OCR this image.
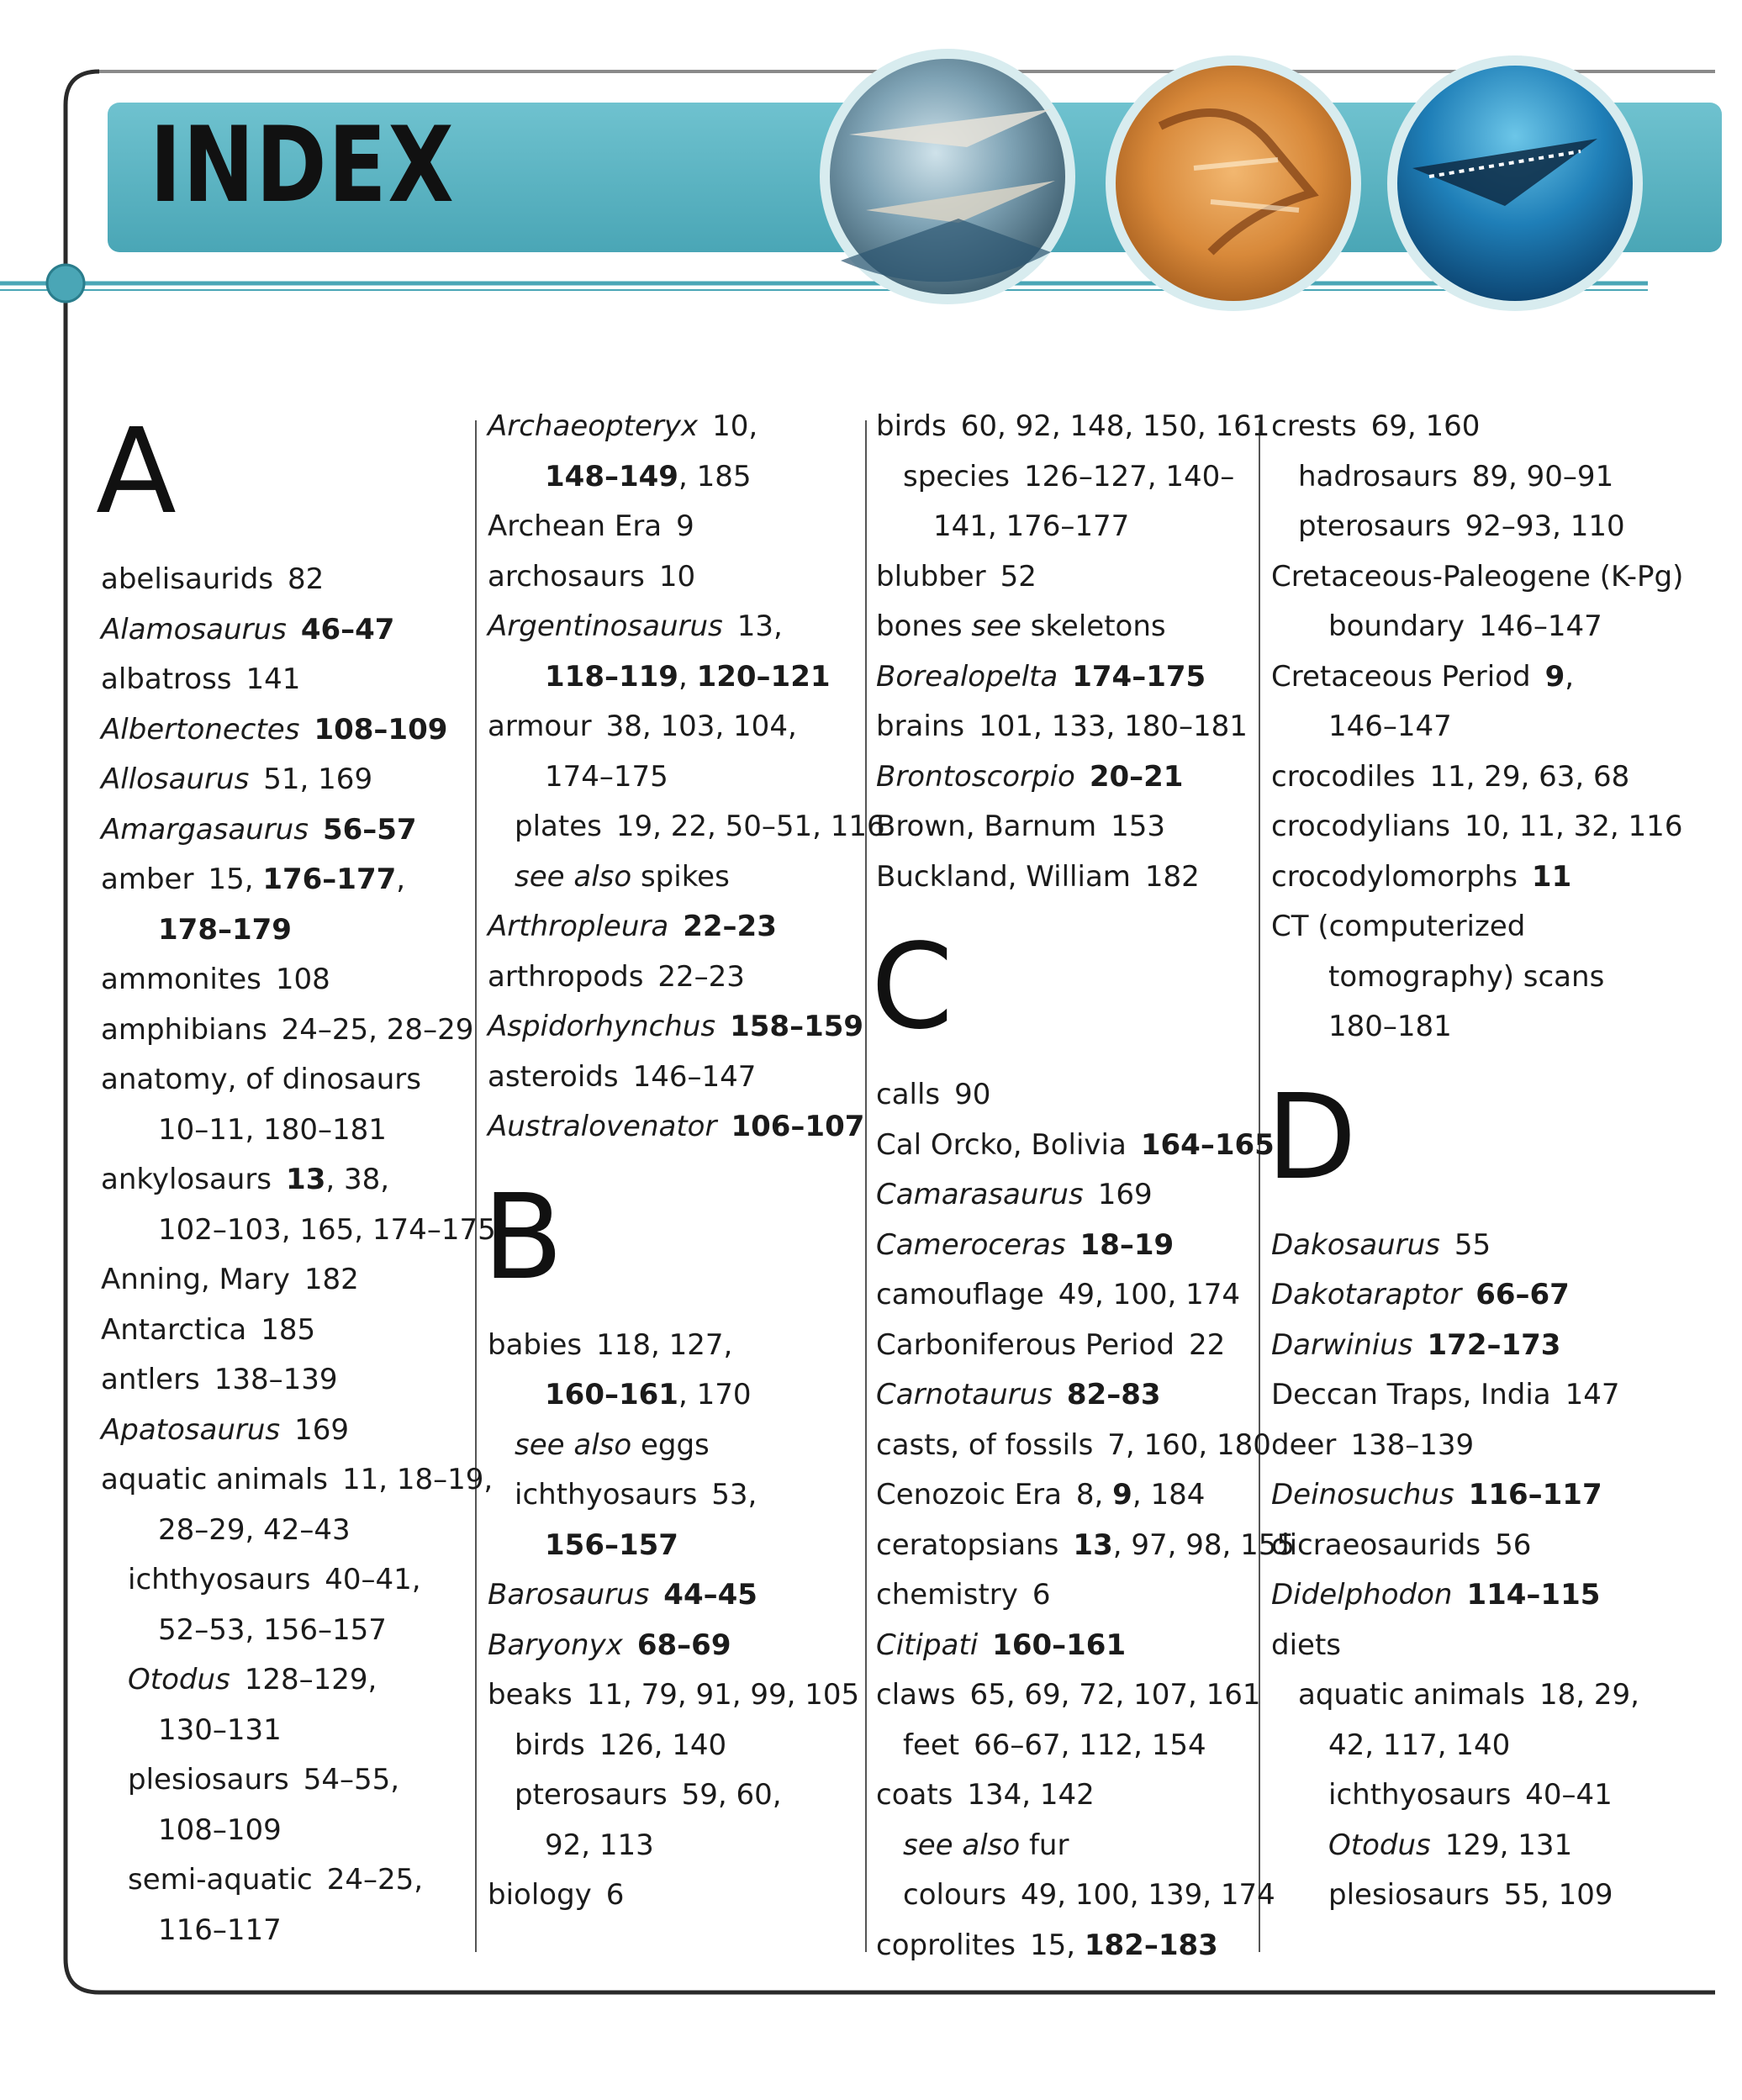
INDEX
A
abelisaurids 82
Alamosaurus  46–47
albatross 141
Albertonectes  108–109
Allosaurus 51, 169
Amargasaurus  56–57
amber 15, 176–177,
178–179
ammonites 108
amphibians 24–25, 28–29
anatomy, of dinosaurs
10–11, 180–181
ankylosaurs 13, 38,
102–103, 165, 174–175
Anning, Mary 182
Antarctica 185
antlers 138–139
Apatosaurus 169
aquatic animals 11, 18–19,
28–29, 42–43
ichthyosaurs 40–41,
52–53, 156–157
Otodus 128–129,
130–131
plesiosaurs 54–55,
108–109
semi-aquatic 24–25,
116–117
Archaeopteryx 10,
148–149, 185
Archean Era 9
archosaurs 10
Argentinosaurus 13,
118–119, 120–121
armour 38, 103, 104,
174–175
plates 19, 22, 50–51, 116
see also spikes
Arthropleura  22–23
arthropods 22–23
Aspidorhynchus  158–159
asteroids 146–147
Australovenator  106–107
B
babies 118, 127,
160–161, 170
see also eggs
ichthyosaurs 53,
156–157
Barosaurus  44–45
Baryonyx  68–69
beaks 11, 79, 91, 99, 105
birds 126, 140
pterosaurs 59, 60,
92, 113
biology 6
birds 60, 92, 148, 150, 161
species 126–127, 140–
141, 176–177
blubber 52
bones see skeletons
Borealopelta  174–175
brains 101, 133, 180–181
Brontoscorpio  20–21
Brown, Barnum 153
Buckland, William 182
C
calls 90
Cal Orcko, Bolivia 164–165
Camarasaurus 169
Cameroceras  18–19
camouflage 49, 100, 174
Carboniferous Period 22
Carnotaurus  82–83
casts, of fossils 7, 160, 180
Cenozoic Era 8, 9, 184
ceratopsians 13, 97, 98, 155
chemistry 6
Citipati  160–161
claws 65, 69, 72, 107, 161
feet 66–67, 112, 154
coats 134, 142
see also fur
colours 49, 100, 139, 174
coprolites 15, 182–183
crests 69, 160
hadrosaurs 89, 90–91
pterosaurs 92–93, 110
Cretaceous-Paleogene (K-Pg)
boundary 146–147
Cretaceous Period 9,
146–147
crocodiles 11, 29, 63, 68
crocodylians 10, 11, 32, 116
crocodylomorphs 11
CT (computerized
tomography) scans
180–181
D
Dakosaurus 55
Dakotaraptor  66–67
Darwinius  172–173
Deccan Traps, India 147
deer 138–139
Deinosuchus  116–117
dicraeosaurids 56
Didelphodon  114–115
diets
aquatic animals 18, 29,
42, 117, 140
ichthyosaurs 40–41
Otodus 129, 131
plesiosaurs 55, 109
